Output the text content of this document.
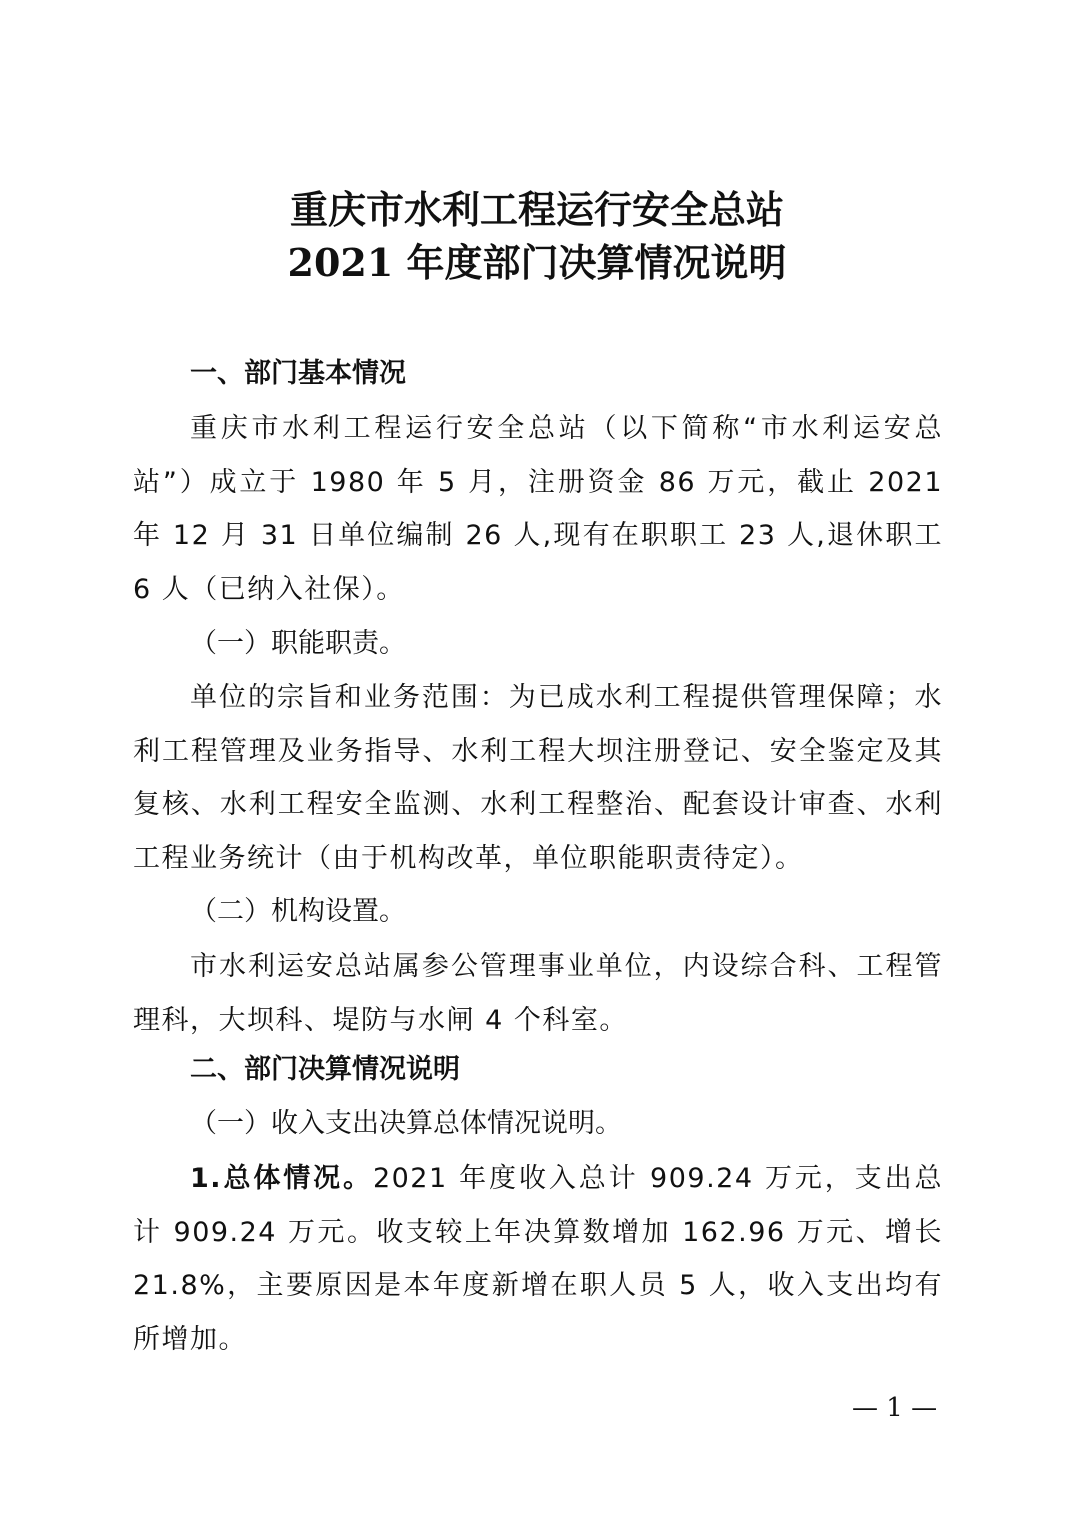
重庆市水利工程运行安全总站
2021 年度部门决算情况说明
一、部门基本情况
重庆市水利工程运行安全总站（以下简称“市水利运安总站”）成立于 1980 年 5 月，注册资金 86 万元，截止 2021 年 12 月 31 日单位编制 26 人,现有在职职工 23 人,退休职工 6 人（已纳入社保）。
（一）职能职责。
单位的宗旨和业务范围：为已成水利工程提供管理保障；水利工程管理及业务指导、水利工程大坝注册登记、安全鉴定及其复核、水利工程安全监测、水利工程整治、配套设计审查、水利工程业务统计（由于机构改革，单位职能职责待定）。
（二）机构设置。
市水利运安总站属参公管理事业单位，内设综合科、工程管理科，大坝科、堤防与水闸 4 个科室。
二、部门决算情况说明
（一）收入支出决算总体情况说明。
1.总体情况。2021 年度收入总计 909.24 万元，支出总计 909.24 万元。收支较上年决算数增加 162.96 万元、增长 21.8%，主要原因是本年度新增在职人员 5 人，收入支出均有所增加。
— 1 —
